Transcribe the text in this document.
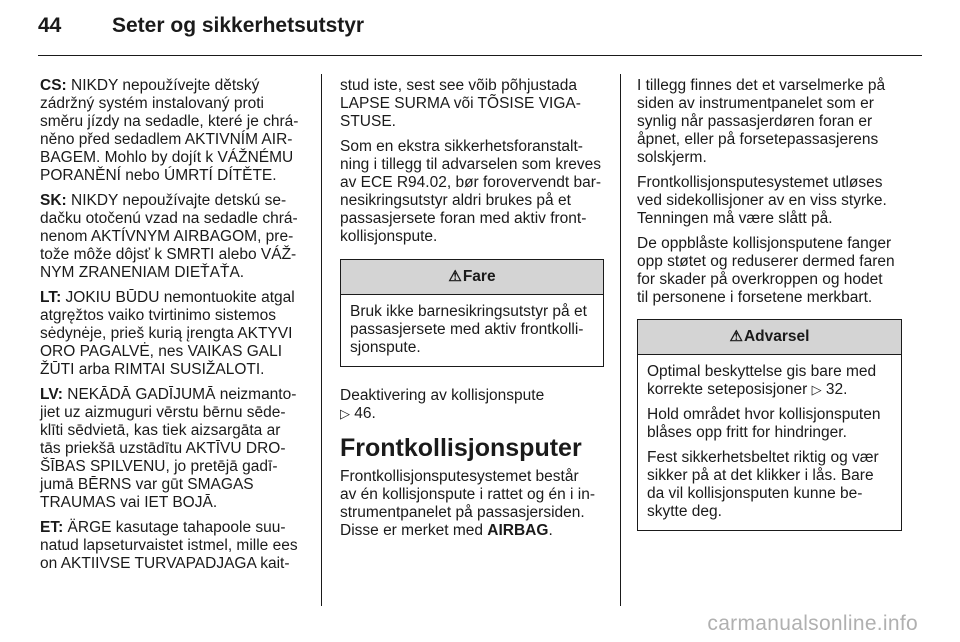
44	Seter og sikkerhetsutstyr

CS: NIKDY nepoužívejte dětský
zádržný systém instalovaný proti
směru jízdy na sedadle, které je chrá-
něno před sedadlem AKTIVNÍM AIR-
BAGEM. Mohlo by dojít k VÁŽNÉMU
PORANĚNÍ nebo ÚMRTÍ DÍTĚTE.

SK: NIKDY nepoužívajte detskú se-
dačku otočenú vzad na sedadle chrá-
nenom AKTÍVNYM AIRBAGOM, pre-
tože môže dôjsť k SMRTI alebo VÁŽ-
NYM ZRANENIAM DIEŤAŤA.

LT: JOKIU BŪDU nemontuokite atgal
atgręžtos vaiko tvirtinimo sistemos
sėdynėje, prieš kurią įrengta AKTYVI
ORO PAGALVĖ, nes VAIKAS GALI
ŽŪTI arba RIMTAI SUSIŽALOTI.

LV: NEKĀDĀ GADĪJUMĀ neizmanto-
jiet uz aizmuguri vērstu bērnu sēde-
klīti sēdvietā, kas tiek aizsargāta ar
tās priekšā uzstādītu AKTĪVU DRO-
ŠĪBAS SPILVENU, jo pretējā gadī-
jumā BĒRNS var gūt SMAGAS
TRAUMAS vai IET BOJĀ.

ET: ÄRGE kasutage tahapoole suu-
natud lapseturvaistet istmel, mille ees
on AKTIIVSE TURVAPADJAGA kait-

stud iste, sest see võib põhjustada
LAPSE SURMA või TÕSISE VIGA-
STUSE.

Som en ekstra sikkerhetsforanstalt-
ning i tillegg til advarselen som kreves
av ECE R94.02, bør forovervendt bar-
nesikringsutstyr aldri brukes på et
passasjersete foran med aktiv front-
kollisjonspute.

⚠Fare

Bruk ikke barnesikringsutstyr på et
passasjersete med aktiv frontkolli-
sjonspute.

Deaktivering av kollisjonspute
▷ 46.

Frontkollisjonsputer

Frontkollisjonsputesystemet består
av én kollisjonspute i rattet og én i in-
strumentpanelet på passasjersiden.
Disse er merket med AIRBAG.

I tillegg finnes det et varselmerke på
siden av instrumentpanelet som er
synlig når passasjerdøren foran er
åpnet, eller på forsetepassasjerens
solskjerm.

Frontkollisjonsputesystemet utløses
ved sidekollisjoner av en viss styrke.
Tenningen må være slått på.

De oppblåste kollisjonsputene fanger
opp støtet og reduserer dermed faren
for skader på overkroppen og hodet
til personene i forsetene merkbart.

⚠Advarsel

Optimal beskyttelse gis bare med
korrekte seteposisjoner ▷ 32.

Hold området hvor kollisjonsputen
blåses opp fritt for hindringer.

Fest sikkerhetsbeltet riktig og vær
sikker på at det klikker i lås. Bare
da vil kollisjonsputen kunne be-
skytte deg.

carmanualsonline.info
